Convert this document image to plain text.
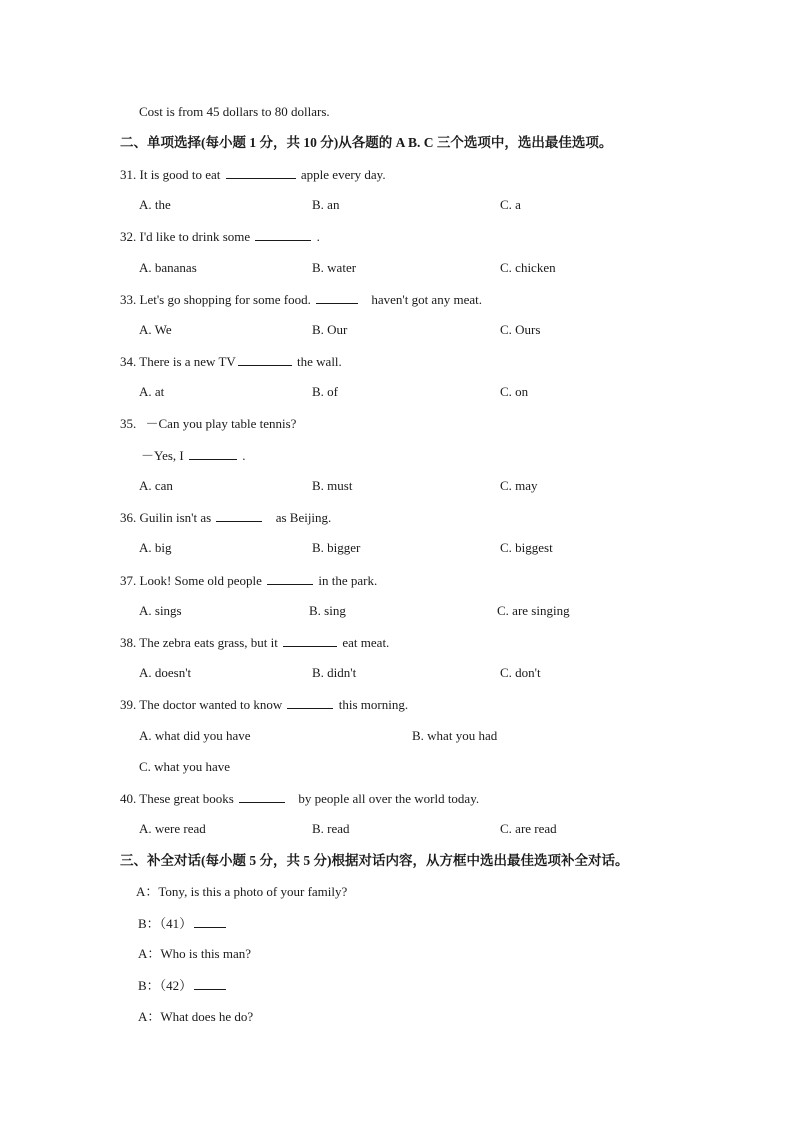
Cost is from 45 dollars to 80 dollars.
二、单项选择(每小题 1 分，共 10 分)从各题的 A B. C 三个选项中，选出最佳选项。
31. It is good to eat	apple every day.
A. the	B. an	C. a
32. I'd like to drink some	.
A. bananas	B. water	C. chicken
33. Let's go shopping for some food.	haven't got any meat.
A. We	B. Our	C. Ours
34. There is a new TV	the wall.
A. at	B. of	C. on
35. －Can you play table tennis?
－Yes, I	.
A. can	B. must	C. may
36. Guilin isn't as	as Beijing.
A. big	B. bigger	C. biggest
37. Look! Some old people	in the park.
A. sings	B. sing	C. are singing
38. The zebra eats grass, but it	eat meat.
A. doesn't	B. didn't	C. don't
39. The doctor wanted to know	this morning.
A. what did you have	B. what you had
C. what you have
40. These great books	by people all over the world today.
A. were read	B. read	C. are read
三、补全对话(每小题 5 分，共 5 分)根据对话内容，从方框中选出最佳选项补全对话。
A：Tony, is this a photo of your family?
B：（41）
A：Who is this man?
B：（42）
A：What does he do?
